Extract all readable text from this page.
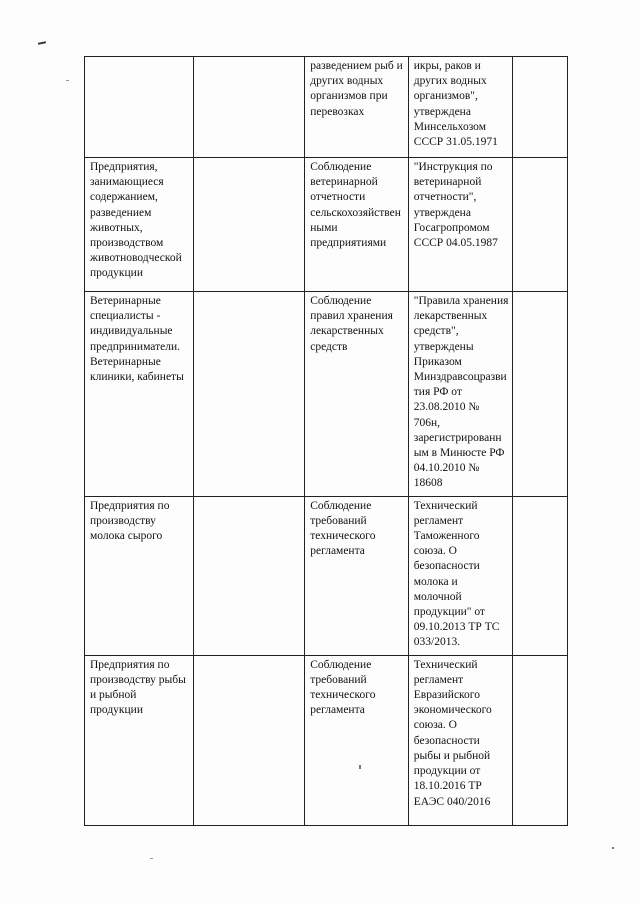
		разведением рыб и других водных организмов при перевозках	икры, раков и других водных организмов", утверждена Минсельхозом СССР 31.05.1971	

Предприятия, занимающиеся содержанием, разведением животных, производством животноводческой продукции		Соблюдение ветеринарной отчетности сельскохозяйствен ными предприятиями	"Инструкция по ветеринарной отчетности", утверждена Госагропромом СССР 04.05.1987	

Ветеринарные специалисты - индивидуальные предприниматели. Ветеринарные клиники, кабинеты		Соблюдение правил хранения лекарственных средств	"Правила хранения лекарственных средств", утверждены Приказом Минздравсоцразвития РФ от 23.08.2010 № 706н, зарегистрированным в Минюсте РФ 04.10.2010 № 18608	

Предприятия по производству молока сырого		Соблюдение требований технического регламента	Технический регламент Таможенного союза. О безопасности молока и молочной продукции" от 09.10.2013 ТР ТС 033/2013.	

Предприятия по производству рыбы и рыбной продукции		Соблюдение требований технического регламента	Технический регламент Евразийского экономического союза. О безопасности рыбы и рыбной продукции от 18.10.2016 ТР ЕАЭС 040/2016	
